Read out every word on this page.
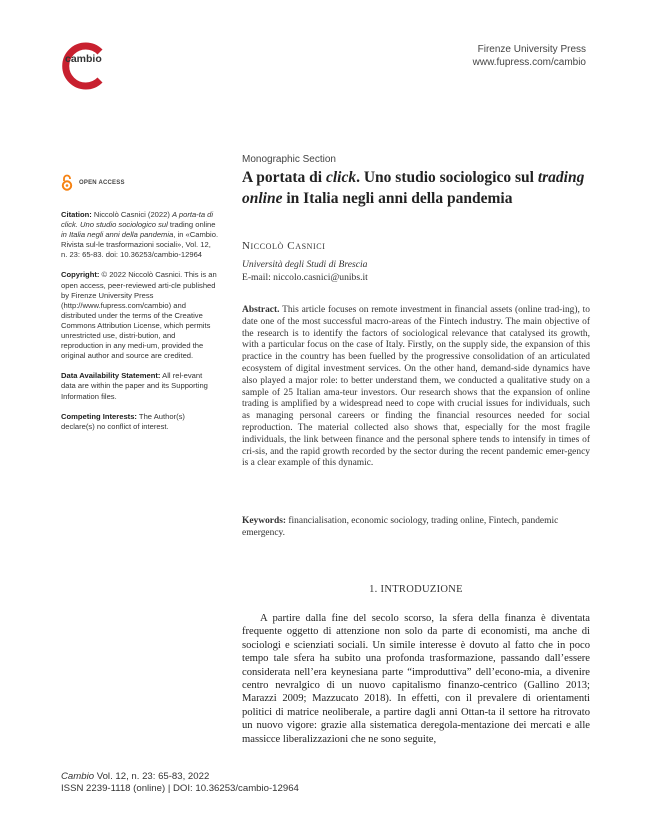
cambio
Firenze University Press
www.fupress.com/cambio
OPEN ACCESS

Citation: Niccolò Casnici (2022) A porta-ta di click. Uno studio sociologico sul trading online in Italia negli anni della pandemia, in «Cambio. Rivista sul-le trasformazioni sociali», Vol. 12, n. 23: 65-83. doi: 10.36253/cambio-12964

Copyright: © 2022 Niccolò Casnici. This is an open access, peer-reviewed arti-cle published by Firenze University Press (http://www.fupress.com/cambio) and distributed under the terms of the Creative Commons Attribution License, which permits unrestricted use, distri-bution, and reproduction in any medi-um, provided the original author and source are credited.

Data Availability Statement: All rel-evant data are within the paper and its Supporting Information files.

Competing Interests: The Author(s) declare(s) no conflict of interest.

Monographic Section
A portata di click. Uno studio sociologico sul trading online in Italia negli anni della pandemia
Niccolò Casnici
Università degli Studi di Brescia
E-mail: niccolo.casnici@unibs.it
Abstract. This article focuses on remote investment in financial assets (online trad-ing), to date one of the most successful macro-areas of the Fintech industry. The main objective of the research is to identify the factors of sociological relevance that catalysed its growth, with a particular focus on the case of Italy. Firstly, on the supply side, the expansion of this practice in the country has been fuelled by the progressive consolidation of an articulated ecosystem of digital investment services. On the other hand, demand-side dynamics have also played a major role: to better understand them, we conducted a qualitative study on a sample of 25 Italian ama-teur investors. Our research shows that the expansion of online trading is amplified by a widespread need to cope with crucial issues for individuals, such as managing personal careers or finding the financial resources needed for social reproduction. The material collected also shows that, especially for the most fragile individuals, the link between finance and the personal sphere tends to intensify in times of cri-sis, and the rapid growth recorded by the sector during the recent pandemic emer-gency is a clear example of this dynamic.
Keywords: financialisation, economic sociology, trading online, Fintech, pandemic emergency.
1. INTRODUZIONE

A partire dalla fine del secolo scorso, la sfera della finanza è diventata frequente oggetto di attenzione non solo da parte di economisti, ma anche di sociologi e scienziati sociali. Un simile interesse è dovuto al fatto che in poco tempo tale sfera ha subito una profonda trasformazione, passando dall’essere considerata nell’era keynesiana parte “improduttiva” dell’econo-mia, a divenire centro nevralgico di un nuovo capitalismo finanzo-centrico (Gallino 2013; Marazzi 2009; Mazzucato 2018). In effetti, con il prevalere di orientamenti politici di matrice neoliberale, a partire dagli anni Ottan-ta il settore ha ritrovato un nuovo vigore: grazie alla sistematica deregola-mentazione dei mercati e alle massicce liberalizzazioni che ne sono seguite,

Cambio Vol. 12, n. 23: 65-83, 2022
ISSN 2239-1118 (online) | DOI: 10.36253/cambio-12964
